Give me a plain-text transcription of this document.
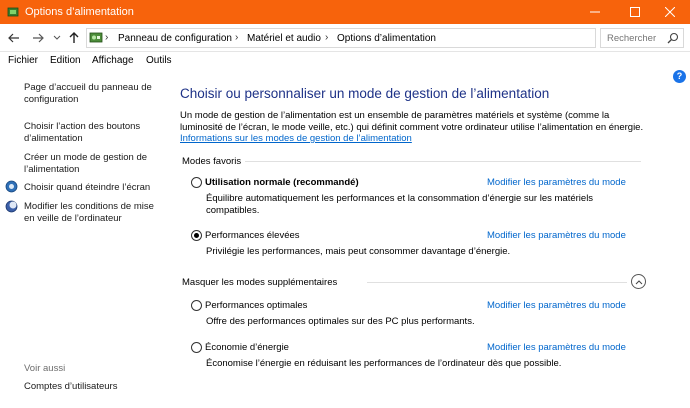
Options d’alimentation
› Panneau de configuration › Matériel et audio › Options d’alimentation
Rechercher
Fichier Edition Affichage Outils
?
Page d’accueil du panneau de configuration
Choisir l’action des boutons d’alimentation
Créer un mode de gestion de l’alimentation
Choisir quand éteindre l’écran
Modifier les conditions de mise en veille de l’ordinateur
Voir aussi
Comptes d’utilisateurs
Choisir ou personnaliser un mode de gestion de l’alimentation
Un mode de gestion de l’alimentation est un ensemble de paramètres matériels et système (comme la luminosité de l’écran, le mode veille, etc.) qui définit comment votre ordinateur utilise l’alimentation en énergie. Informations sur les modes de gestion de l’alimentation
Modes favoris
Utilisation normale (recommandé)	Modifier les paramètres du mode
Équilibre automatiquement les performances et la consommation d’énergie sur les matériels compatibles.
Performances élevées	Modifier les paramètres du mode
Privilégie les performances, mais peut consommer davantage d’énergie.
Masquer les modes supplémentaires
Performances optimales	Modifier les paramètres du mode
Offre des performances optimales sur des PC plus performants.
Économie d’énergie	Modifier les paramètres du mode
Économise l’énergie en réduisant les performances de l’ordinateur dès que possible.
